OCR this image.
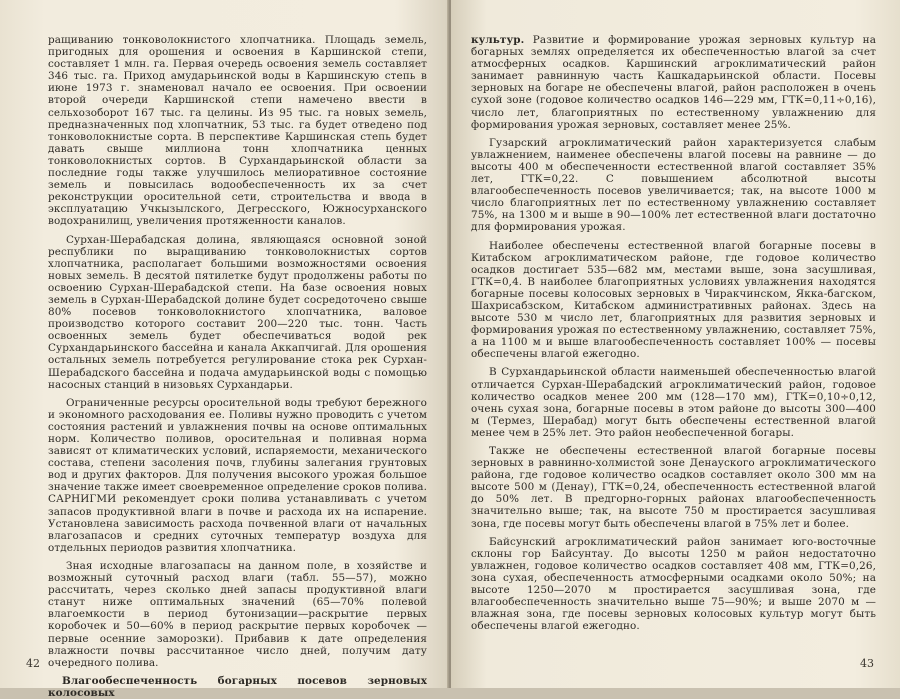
ращиванию тонковолокнистого хлопчатника. Площадь земель, пригодных для орошения и освоения в Каршинской степи, составляет 1 млн. га. Первая очередь освоения земель составляет 346 тыс. га. Приход амударьинской воды в Каршинскую степь в июне 1973 г. знаменовал начало ее освоения. При освоении второй очереди Каршинской степи намечено ввести в сельхозоборот 167 тыс. га целины. Из 95 тыс. га новых земель, предназначенных под хлопчатник, 53 тыс. га будет отведено под тонковолокнистые сорта. В перспективе Каршинская степь будет давать свыше миллиона тонн хлопчатника ценных тонковолокнистых сортов. В Сурхандарьинской области за последние годы также улучшилось мелиоративное состояние земель и повысилась водообеспеченность их за счет реконструкции оросительной сети, строительства и ввода в эксплуатацию Учкызылского, Дегресского, Южносурханского водохранилищ, увеличения протяженности каналов.

Сурхан-Шерабадская долина, являющаяся основной зоной республики по выращиванию тонковолокнистых сортов хлопчатника, располагает большими возможностями освоения новых земель. В десятой пятилетке будут продолжены работы по освоению Сурхан-Шерабадской степи. На базе освоения новых земель в Сурхан-Шерабадской долине будет сосредоточено свыше 80% посевов тонковолокнистого хлопчатника, валовое производство которого составит 200—220 тыс. тонн. Часть освоенных земель будет обеспечиваться водой рек Сурхандарьинского бассейна и канала Аккапчигай. Для орошения остальных земель потребуется регулирование стока рек Сурхан-Шерабадского бассейна и подача амударьинской воды с помощью насосных станций в низовьях Сурхандарьи.

Ограниченные ресурсы оросительной воды требуют бережного и экономного расходования ее. Поливы нужно проводить с учетом состояния растений и увлажнения почвы на основе оптимальных норм. Количество поливов, оросительная и поливная норма зависят от климатических условий, испаряемости, механического состава, степени засоления почв, глубины залегания грунтовых вод и других факторов. Для получения высокого урожая большое значение также имеет своевременное определение сроков полива. САРНИГМИ рекомендует сроки полива устанавливать с учетом запасов продуктивной влаги в почве и расхода их на испарение. Установлена зависимость расхода почвенной влаги от начальных влагозапасов и средних суточных температур воздуха для отдельных периодов развития хлопчатника.

Зная исходные влагозапасы на данном поле, в хозяйстве и возможный суточный расход влаги (табл. 55—57), можно рассчитать, через сколько дней запасы продуктивной влаги станут ниже оптимальных значений (65—70% полевой влагоемкости в период бутонизации—раскрытие первых коробочек и 50—60% в период раскрытие первых коробочек — первые осенние заморозки). Прибавив к дате определения влажности почвы рассчитанное число дней, получим дату очередного полива.

Влагообеспеченность богарных посевов зерновых колосовых

42

культур. Развитие и формирование урожая зерновых культур на богарных землях определяется их обеспеченностью влагой за счет атмосферных осадков. Каршинский агроклиматический район занимает равнинную часть Кашкадарьинской области. Посевы зерновых на богаре не обеспечены влагой, район расположен в очень сухой зоне (годовое количество осадков 146—229 мм, ГТК=0,11÷0,16), число лет, благоприятных по естественному увлажнению для формирования урожая зерновых, составляет менее 25%.

Гузарский агроклиматический район характеризуется слабым увлажнением, наименее обеспечены влагой посевы на равнине — до высоты 400 м обеспеченности естественной влагой составляет 35% лет, ГТК=0,22. С повышением абсолютной высоты влагообеспеченность посевов увеличивается; так, на высоте 1000 м число благоприятных лет по естественному увлажнению составляет 75%, на 1300 м и выше в 90—100% лет естественной влаги достаточно для формирования урожая.

Наиболее обеспечены естественной влагой богарные посевы в Китабском агроклиматическом районе, где годовое количество осадков достигает 535—682 мм, местами выше, зона засушливая, ГТК=0,4. В наиболее благоприятных условиях увлажнения находятся богарные посевы колосовых зерновых в Чиракчинском, Якка-багском, Шахрисабзском, Китабском административных районах. Здесь на высоте 530 м число лет, благоприятных для развития зерновых и формирования урожая по естественному увлажнению, составляет 75%, а на 1100 м и выше влагообеспеченность составляет 100% — посевы обеспечены влагой ежегодно.

В Сурхандарьинской области наименьшей обеспеченностью влагой отличается Сурхан-Шерабадский агроклиматический район, годовое количество осадков менее 200 мм (128—170 мм), ГТК=0,10÷0,12, очень сухая зона, богарные посевы в этом районе до высоты 300—400 м (Термез, Шерабад) могут быть обеспечены естественной влагой менее чем в 25% лет. Это район необеспеченной богары.

Также не обеспечены естественной влагой богарные посевы зерновых в равнинно-холмистой зоне Денауского агроклиматического района, где годовое количество осадков составляет около 300 мм на высоте 500 м (Денау), ГТК=0,24, обеспеченность естественной влагой до 50% лет. В предгорно-горных районах влагообеспеченность значительно выше; так, на высоте 750 м простирается засушливая зона, где посевы могут быть обеспечены влагой в 75% лет и более.

Байсунский агроклиматический район занимает юго-восточные склоны гор Байсунтау. До высоты 1250 м район недостаточно увлажнен, годовое количество осадков составляет 408 мм, ГТК=0,26, зона сухая, обеспеченность атмосферными осадками около 50%; на высоте 1250—2070 м простирается засушливая зона, где влагообеспеченность значительно выше 75—90%; и выше 2070 м — влажная зона, где посевы зерновых колосовых культур могут быть обеспечены влагой ежегодно.

43
